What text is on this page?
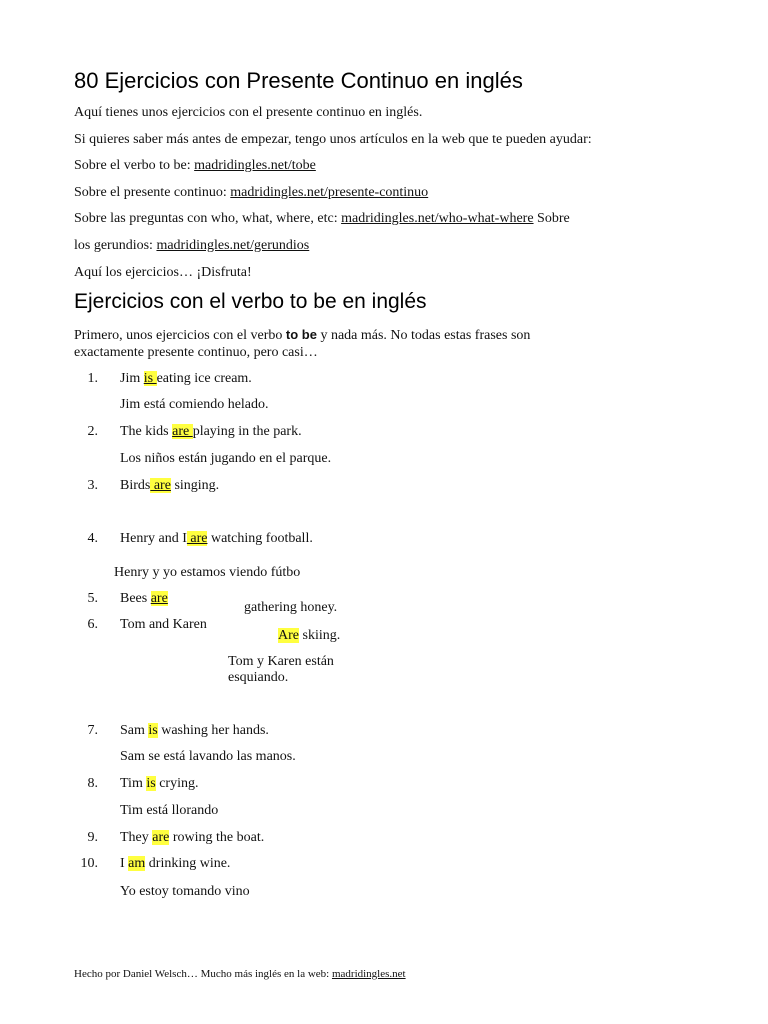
80 Ejercicios con Presente Continuo en inglés
Aquí tienes unos ejercicios con el presente continuo en inglés.
Si quieres saber más antes de empezar, tengo unos artículos en la web que te pueden ayudar:
Sobre el verbo to be: madridingles.net/tobe
Sobre el presente continuo: madridingles.net/presente-continuo
Sobre las preguntas con who, what, where, etc: madridingles.net/who-what-where Sobre
los gerundios: madridingles.net/gerundios
Aquí los ejercicios… ¡Disfruta!
Ejercicios con el verbo to be en inglés
Primero, unos ejercicios con el verbo to be y nada más. No todas estas frases son
exactamente presente continuo, pero casi…
1. Jim is eating ice cream.
Jim está comiendo helado.
2. The kids are playing in the park.
Los niños están jugando en el parque.
3. Birds are singing.
4. Henry and I are watching football.
Henry y yo estamos viendo fútbo
5. Bees are
gathering honey.
6. Tom and Karen
Are skiing.
Tom y Karen están
esquiando.
7. Sam is washing her hands.
Sam se está lavando las manos.
8. Tim is crying.
Tim está llorando
9. They are rowing the boat.
10. I am drinking wine.
Yo estoy tomando vino
Hecho por Daniel Welsch… Mucho más inglés en la web: madridingles.net
